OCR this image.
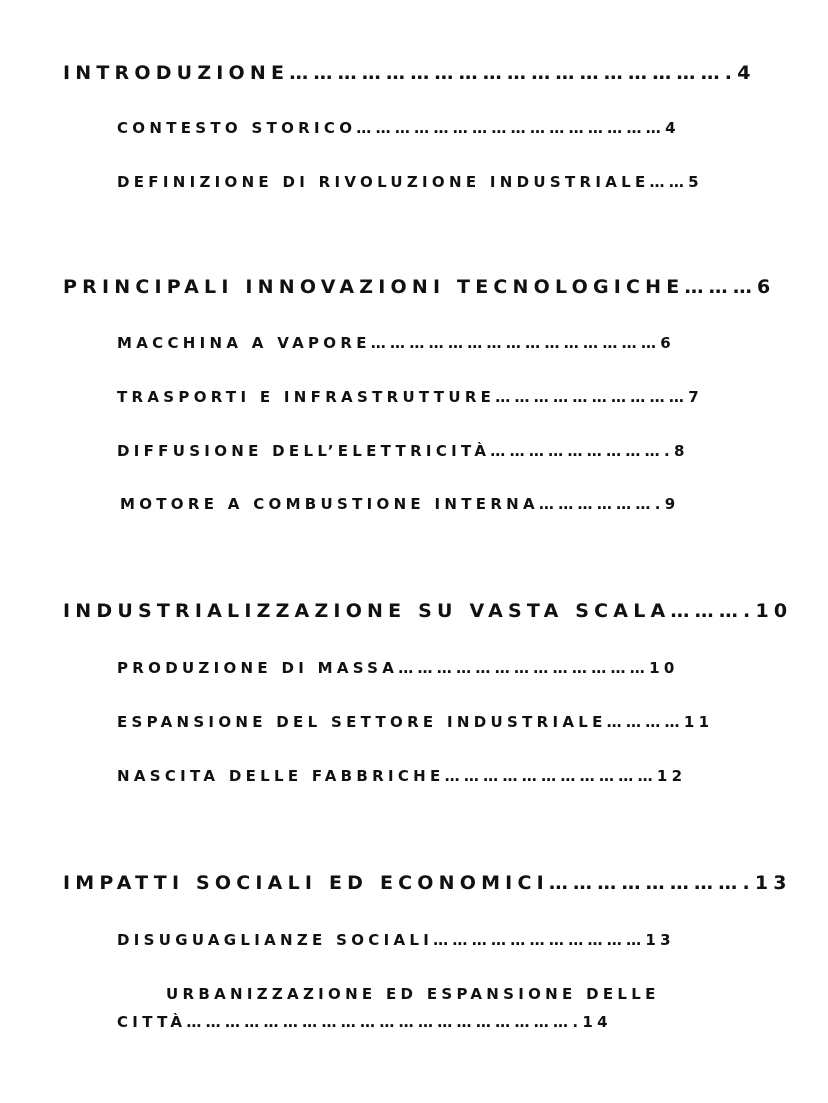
INTRODUZIONE……………………………………………….4
CONTESTO STORICO…………………………………………4
DEFINIZIONE DI RIVOLUZIONE INDUSTRIALE……5
PRINCIPALI INNOVAZIONI TECNOLOGICHE………6
MACCHINA A VAPORE………………………………………6
TRASPORTI E INFRASTRUTTURE…………………………7
DIFFUSIONE DELL’ELETTRICITÀ……………………….8
MOTORE A COMBUSTIONE INTERNA……………….9
INDUSTRIALIZZAZIONE SU VASTA SCALA……….10
PRODUZIONE DI MASSA…………………………………10
ESPANSIONE DEL SETTORE INDUSTRIALE…………11
NASCITA DELLE FABBRICHE……………………………12
IMPATTI SOCIALI ED ECONOMICI…………………….13
DISUGUAGLIANZE SOCIALI……………………………13
URBANIZZAZIONE ED ESPANSIONE DELLE
CITTÀ…………………………………………………….14
